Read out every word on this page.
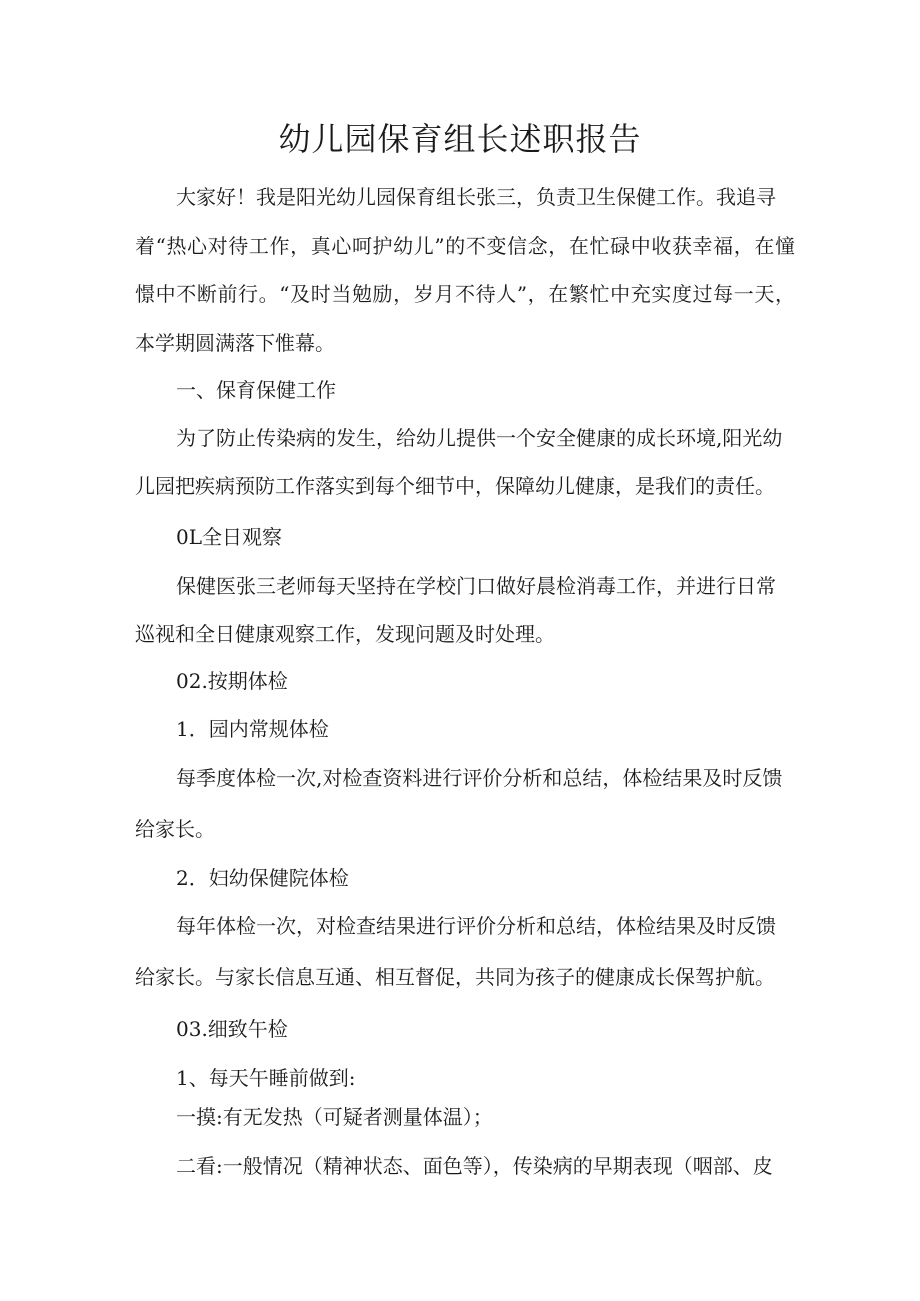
幼儿园保育组长述职报告

大家好！我是阳光幼儿园保育组长张三，负责卫生保健工作。我追寻

着“热心对待工作，真心呵护幼儿”的不变信念，在忙碌中收获幸福，在憧

憬中不断前行。“及时当勉励，岁月不待人”，在繁忙中充实度过每一天，

本学期圆满落下惟幕。

一、保育保健工作

为了防止传染病的发生，给幼儿提供一个安全健康的成长环境,阳光幼

儿园把疾病预防工作落实到每个细节中，保障幼儿健康，是我们的责任。

0L全日观察

保健医张三老师每天坚持在学校门口做好晨检消毒工作，并进行日常

巡视和全日健康观察工作，发现问题及时处理。

02.按期体检

1．园内常规体检

每季度体检一次,对检查资料进行评价分析和总结，体检结果及时反馈

给家长。

2．妇幼保健院体检

每年体检一次，对检查结果进行评价分析和总结，体检结果及时反馈

给家长。与家长信息互通、相互督促，共同为孩子的健康成长保驾护航。

03.细致午检

1、每天午睡前做到:

一摸:有无发热（可疑者测量体温）；

二看:一般情况（精神状态、面色等），传染病的早期表现（咽部、皮
